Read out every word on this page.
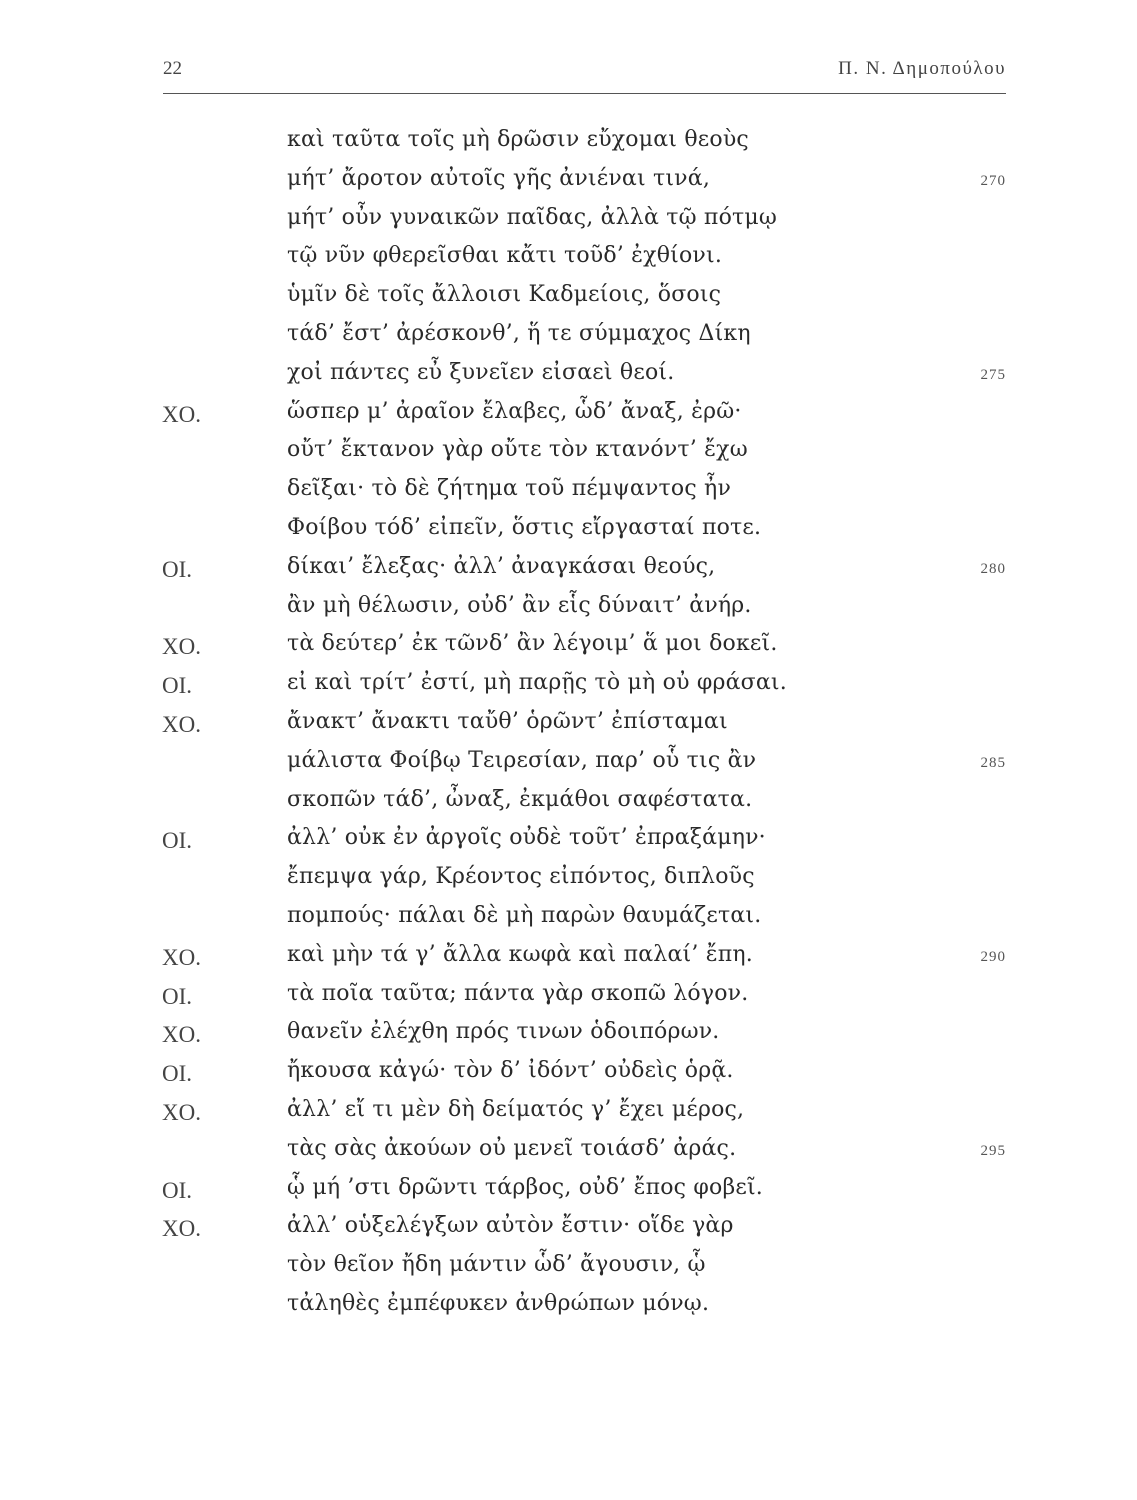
22	Π. Ν. Δημοπούλου
καὶ ταῦτα τοῖς μὴ δρῶσιν εὔχομαι θεοὺς
μήτ’ ἄροτον αὐτοῖς γῆς ἀνιέναι τινά,	270
μήτ’ οὖν γυναικῶν παῖδας, ἀλλὰ τῷ πότμῳ
τῷ νῦν φθερεῖσθαι κἄτι τοῦδ’ ἐχθίονι.
ὑμῖν δὲ τοῖς ἄλλοισι Καδμείοις, ὅσοις
τάδ’ ἔστ’ ἀρέσκονθ’, ἥ τε σύμμαχος Δίκη
χοἰ πάντες εὖ ξυνεῖεν εἰσαεὶ θεοί.	275
ΧΟ.	ὥσπερ μ’ ἀραῖον ἔλαβες, ὧδ’ ἄναξ, ἐρῶ·
οὔτ’ ἔκτανον γὰρ οὔτε τὸν κτανόντ’ ἔχω
δεῖξαι· τὸ δὲ ζήτημα τοῦ πέμψαντος ἦν
Φοίβου τόδ’ εἰπεῖν, ὅστις εἴργασταί ποτε.
ΟΙ.	δίκαι’ ἔλεξας· ἀλλ’ ἀναγκάσαι θεούς,	280
ἂν μὴ θέλωσιν, οὐδ’ ἂν εἷς δύναιτ’ ἀνήρ.
ΧΟ.	τὰ δεύτερ’ ἐκ τῶνδ’ ἂν λέγοιμ’ ἅ μοι δοκεῖ.
ΟΙ.	εἰ καὶ τρίτ’ ἐστί, μὴ παρῇς τὸ μὴ οὐ φράσαι.
ΧΟ.	ἄνακτ’ ἄνακτι ταὔθ’ ὁρῶντ’ ἐπίσταμαι
μάλιστα Φοίβῳ Τειρεσίαν, παρ’ οὗ τις ἂν	285
σκοπῶν τάδ’, ὦναξ, ἐκμάθοι σαφέστατα.
ΟΙ.	ἀλλ’ οὐκ ἐν ἀργοῖς οὐδὲ τοῦτ’ ἐπραξάμην·
ἔπεμψα γάρ, Κρέοντος εἰπόντος, διπλοῦς
πομπούς· πάλαι δὲ μὴ παρὼν θαυμάζεται.
ΧΟ.	καὶ μὴν τά γ’ ἄλλα κωφὰ καὶ παλαί’ ἔπη.	290
ΟΙ.	τὰ ποῖα ταῦτα; πάντα γὰρ σκοπῶ λόγον.
ΧΟ.	θανεῖν ἐλέχθη πρός τινων ὁδοιπόρων.
ΟΙ.	ἤκουσα κἀγώ· τὸν δ’ ἰδόντ’ οὐδεὶς ὁρᾷ.
ΧΟ.	ἀλλ’ εἴ τι μὲν δὴ δείματός γ’ ἔχει μέρος,
τὰς σὰς ἀκούων οὐ μενεῖ τοιάσδ’ ἀράς.	295
ΟΙ.	ᾧ μή ’στι δρῶντι τάρβος, οὐδ’ ἔπος φοβεῖ.
ΧΟ.	ἀλλ’ οὑξελέγξων αὐτὸν ἔστιν· οἵδε γὰρ
τὸν θεῖον ἤδη μάντιν ὧδ’ ἄγουσιν, ᾧ
τἀληθὲς ἐμπέφυκεν ἀνθρώπων μόνῳ.
